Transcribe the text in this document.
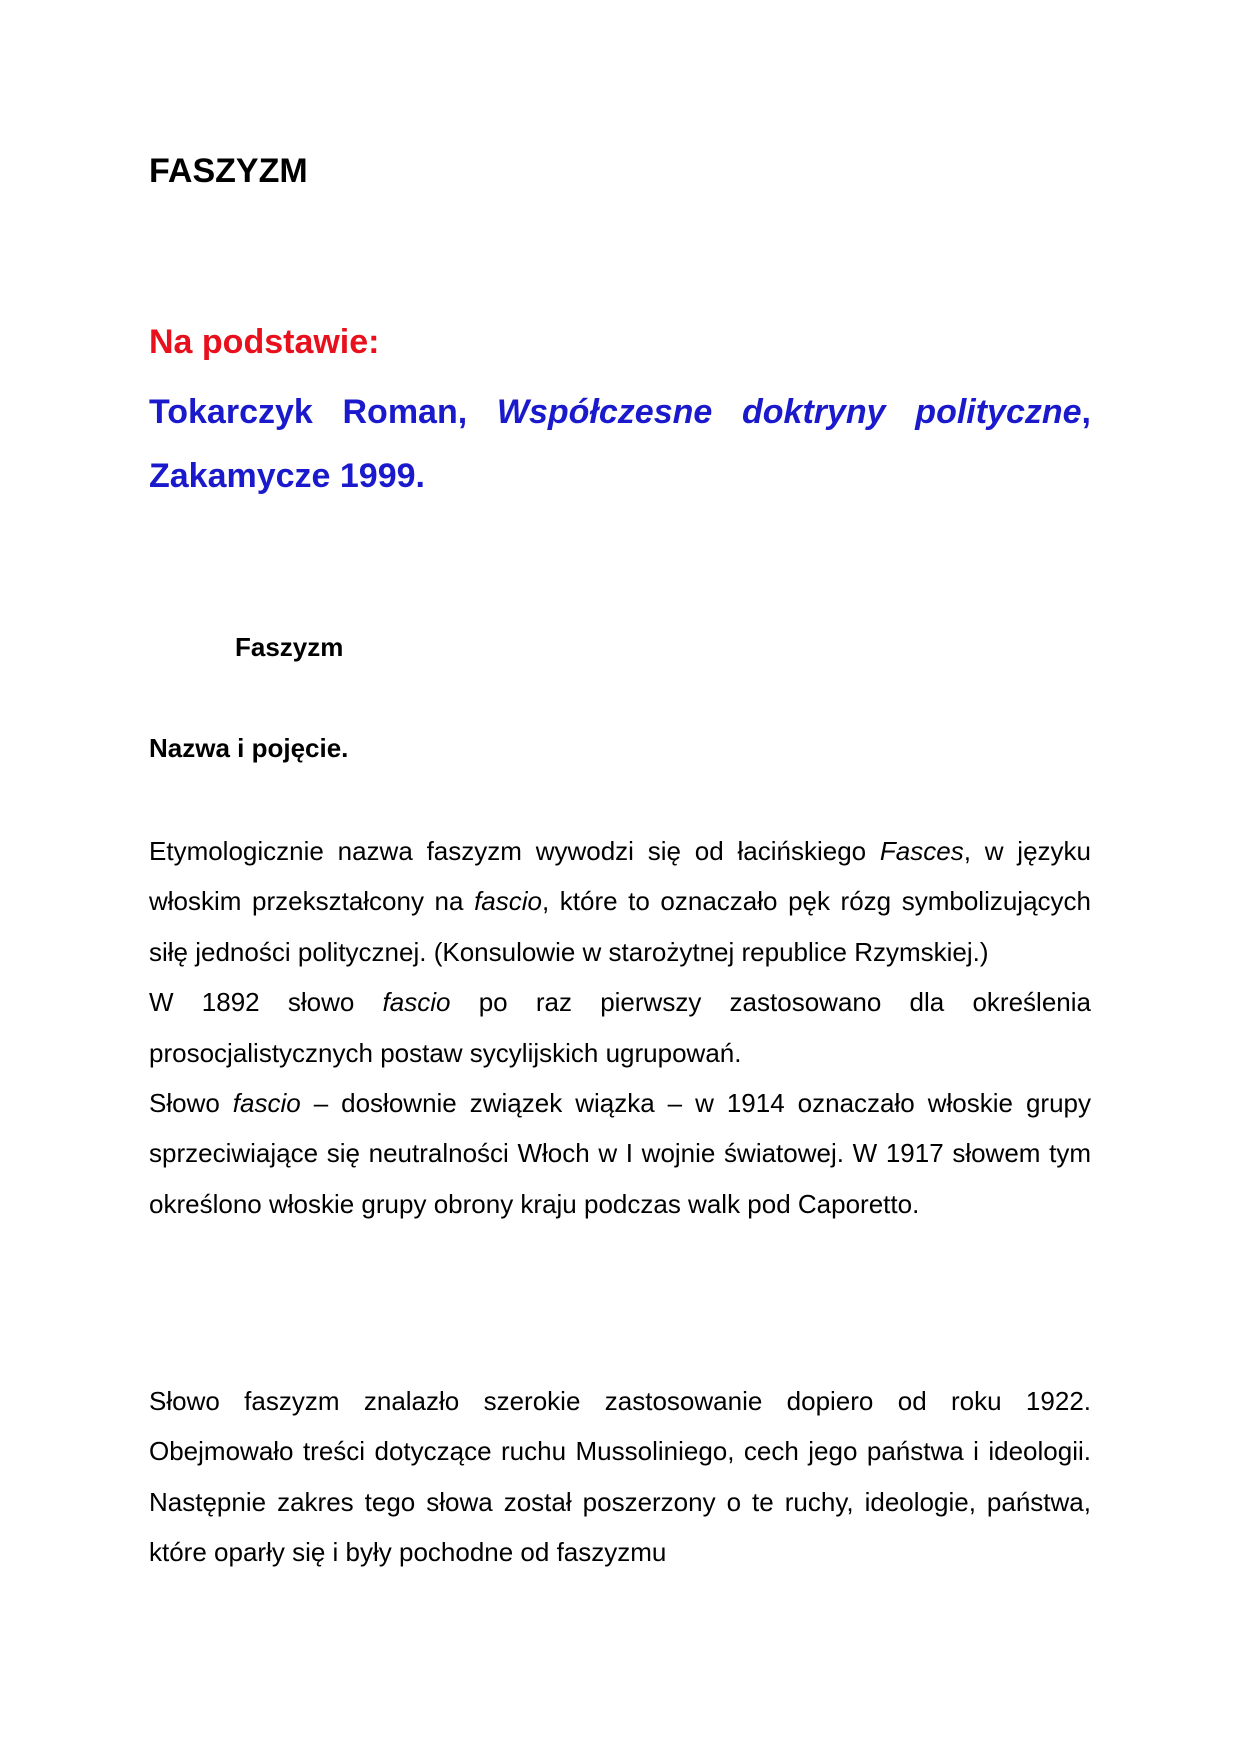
FASZYZM

Na podstawie:

Tokarczyk Roman, Współczesne doktryny polityczne, Zakamycze 1999.

Faszyzm
Nazwa i pojęcie.
Etymologicznie nazwa faszyzm wywodzi się od łacińskiego Fasces, w języku włoskim przekształcony na fascio, które to oznaczało pęk rózg symbolizujących siłę jedności politycznej. (Konsulowie w starożytnej republice Rzymskiej.)
W 1892 słowo fascio po raz pierwszy zastosowano dla określenia prosocjalistycznych postaw sycylijskich ugrupowań.
Słowo fascio – dosłownie związek wiązka – w 1914 oznaczało włoskie grupy sprzeciwiające się neutralności Włoch w I wojnie światowej. W 1917 słowem tym określono włoskie grupy obrony kraju podczas walk pod Caporetto.

Słowo faszyzm znalazło szerokie zastosowanie dopiero od roku 1922. Obejmowało treści dotyczące ruchu Mussoliniego, cech jego państwa i ideologii. Następnie zakres tego słowa został poszerzony o te ruchy, ideologie, państwa, które oparły się i były pochodne od faszyzmu
